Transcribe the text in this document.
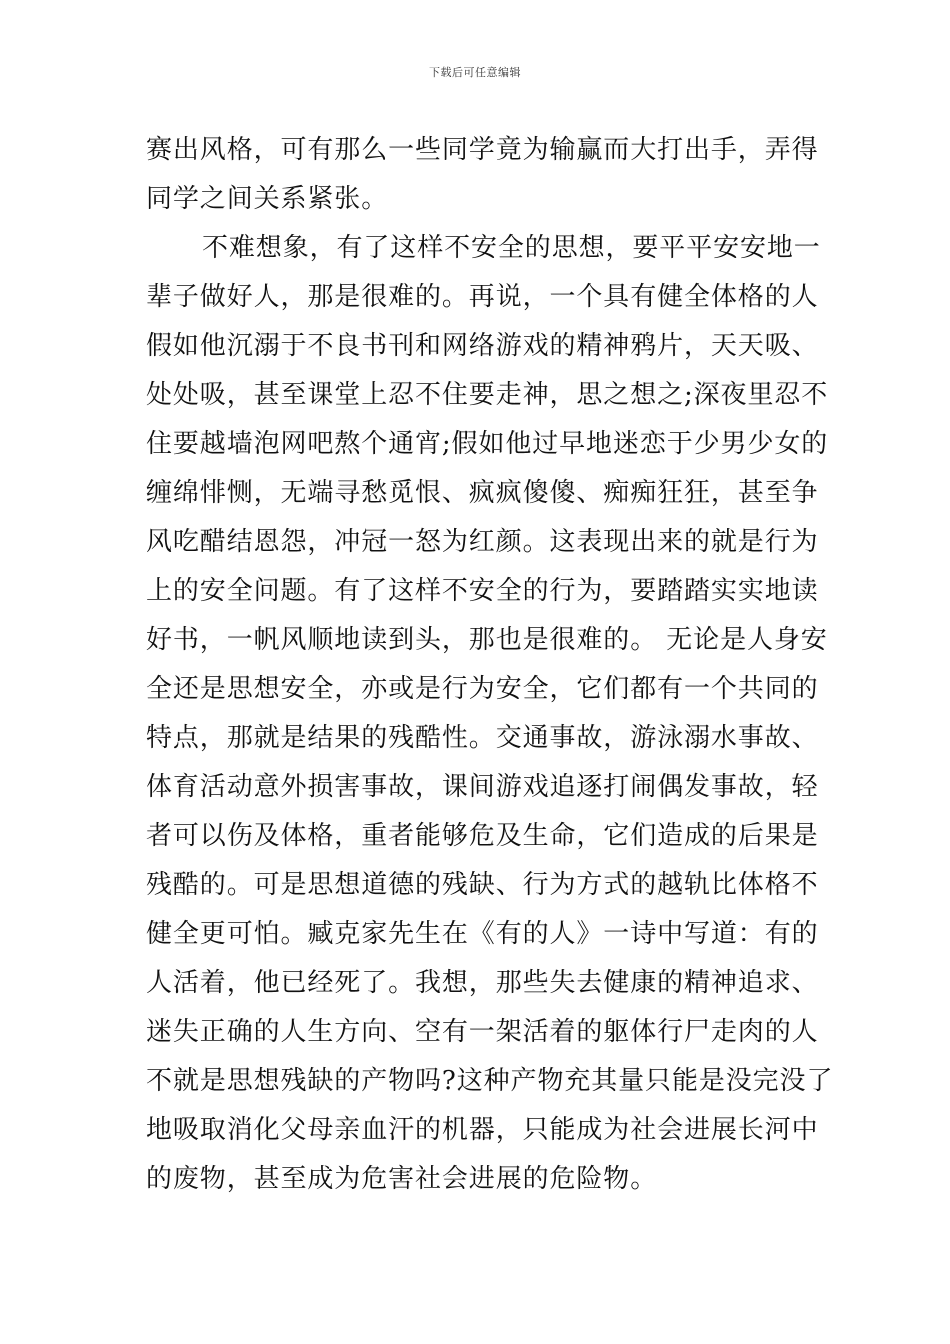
下载后可任意编辑
赛出风格，可有那么一些同学竟为输赢而大打出手，弄得
同学之间关系紧张。
不难想象，有了这样不安全的思想，要平平安安地一
辈子做好人，那是很难的。再说，一个具有健全体格的人
假如他沉溺于不良书刊和网络游戏的精神鸦片，天天吸、
处处吸，甚至课堂上忍不住要走神，思之想之;深夜里忍不
住要越墙泡网吧熬个通宵;假如他过早地迷恋于少男少女的
缠绵悱恻，无端寻愁觅恨、疯疯傻傻、痴痴狂狂，甚至争
风吃醋结恩怨，冲冠一怒为红颜。这表现出来的就是行为
上的安全问题。有了这样不安全的行为，要踏踏实实地读
好书，一帆风顺地读到头，那也是很难的。 无论是人身安
全还是思想安全，亦或是行为安全，它们都有一个共同的
特点，那就是结果的残酷性。交通事故，游泳溺水事故、
体育活动意外损害事故，课间游戏追逐打闹偶发事故，轻
者可以伤及体格，重者能够危及生命，它们造成的后果是
残酷的。可是思想道德的残缺、行为方式的越轨比体格不
健全更可怕。臧克家先生在《有的人》一诗中写道：有的
人活着，他已经死了。我想，那些失去健康的精神追求、
迷失正确的人生方向、空有一架活着的躯体行尸走肉的人
不就是思想残缺的产物吗?这种产物充其量只能是没完没了
地吸取消化父母亲血汗的机器，只能成为社会进展长河中
的废物，甚至成为危害社会进展的危险物。
